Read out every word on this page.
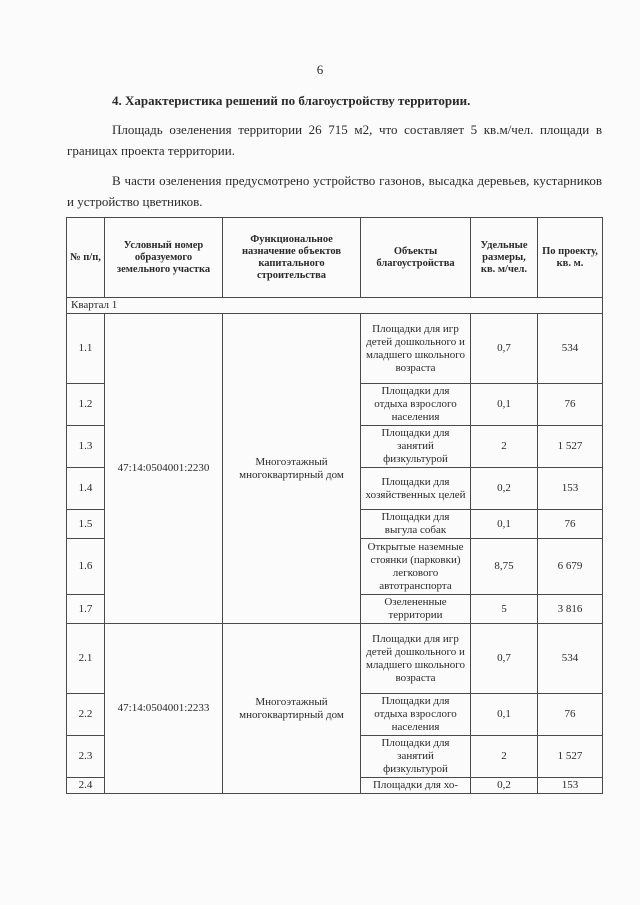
6
4. Характеристика решений по благоустройству территории.
Площадь озеленения территории 26 715 м2, что составляет 5 кв.м/чел. площади в границах проекта территории.
В части озеленения предусмотрено устройство газонов, высадка деревьев, кустарников и устройство цветников.
№ п/п,	Условный номер образуемого земельного участка	Функциональное назначение объектов капитального строительства	Объекты благоустройства	Удельные размеры, кв. м/чел.	По проекту, кв. м.
Квартал 1					
1.1	47:14:0504001:2230	Многоэтажный многоквартирный дом	Площадки для игр детей дошкольного и младшего школьного возраста	0,7	534
1.2			Площадки для отдыха взрослого населения	0,1	76
1.3			Площадки для занятий физкультурой	2	1 527
1.4			Площадки для хозяйственных целей	0,2	153
1.5			Площадки для выгула собак	0,1	76
1.6			Открытые наземные стоянки (парковки) легкового автотранспорта	8,75	6 679
1.7			Озелененные территории	5	3 816
2.1	47:14:0504001:2233	Многоэтажный многоквартирный дом	Площадки для игр детей дошкольного и младшего школьного возраста	0,7	534
2.2			Площадки для отдыха взрослого населения	0,1	76
2.3			Площадки для занятий физкультурой	2	1 527
2.4			Площадки для хо-	0,2	153
